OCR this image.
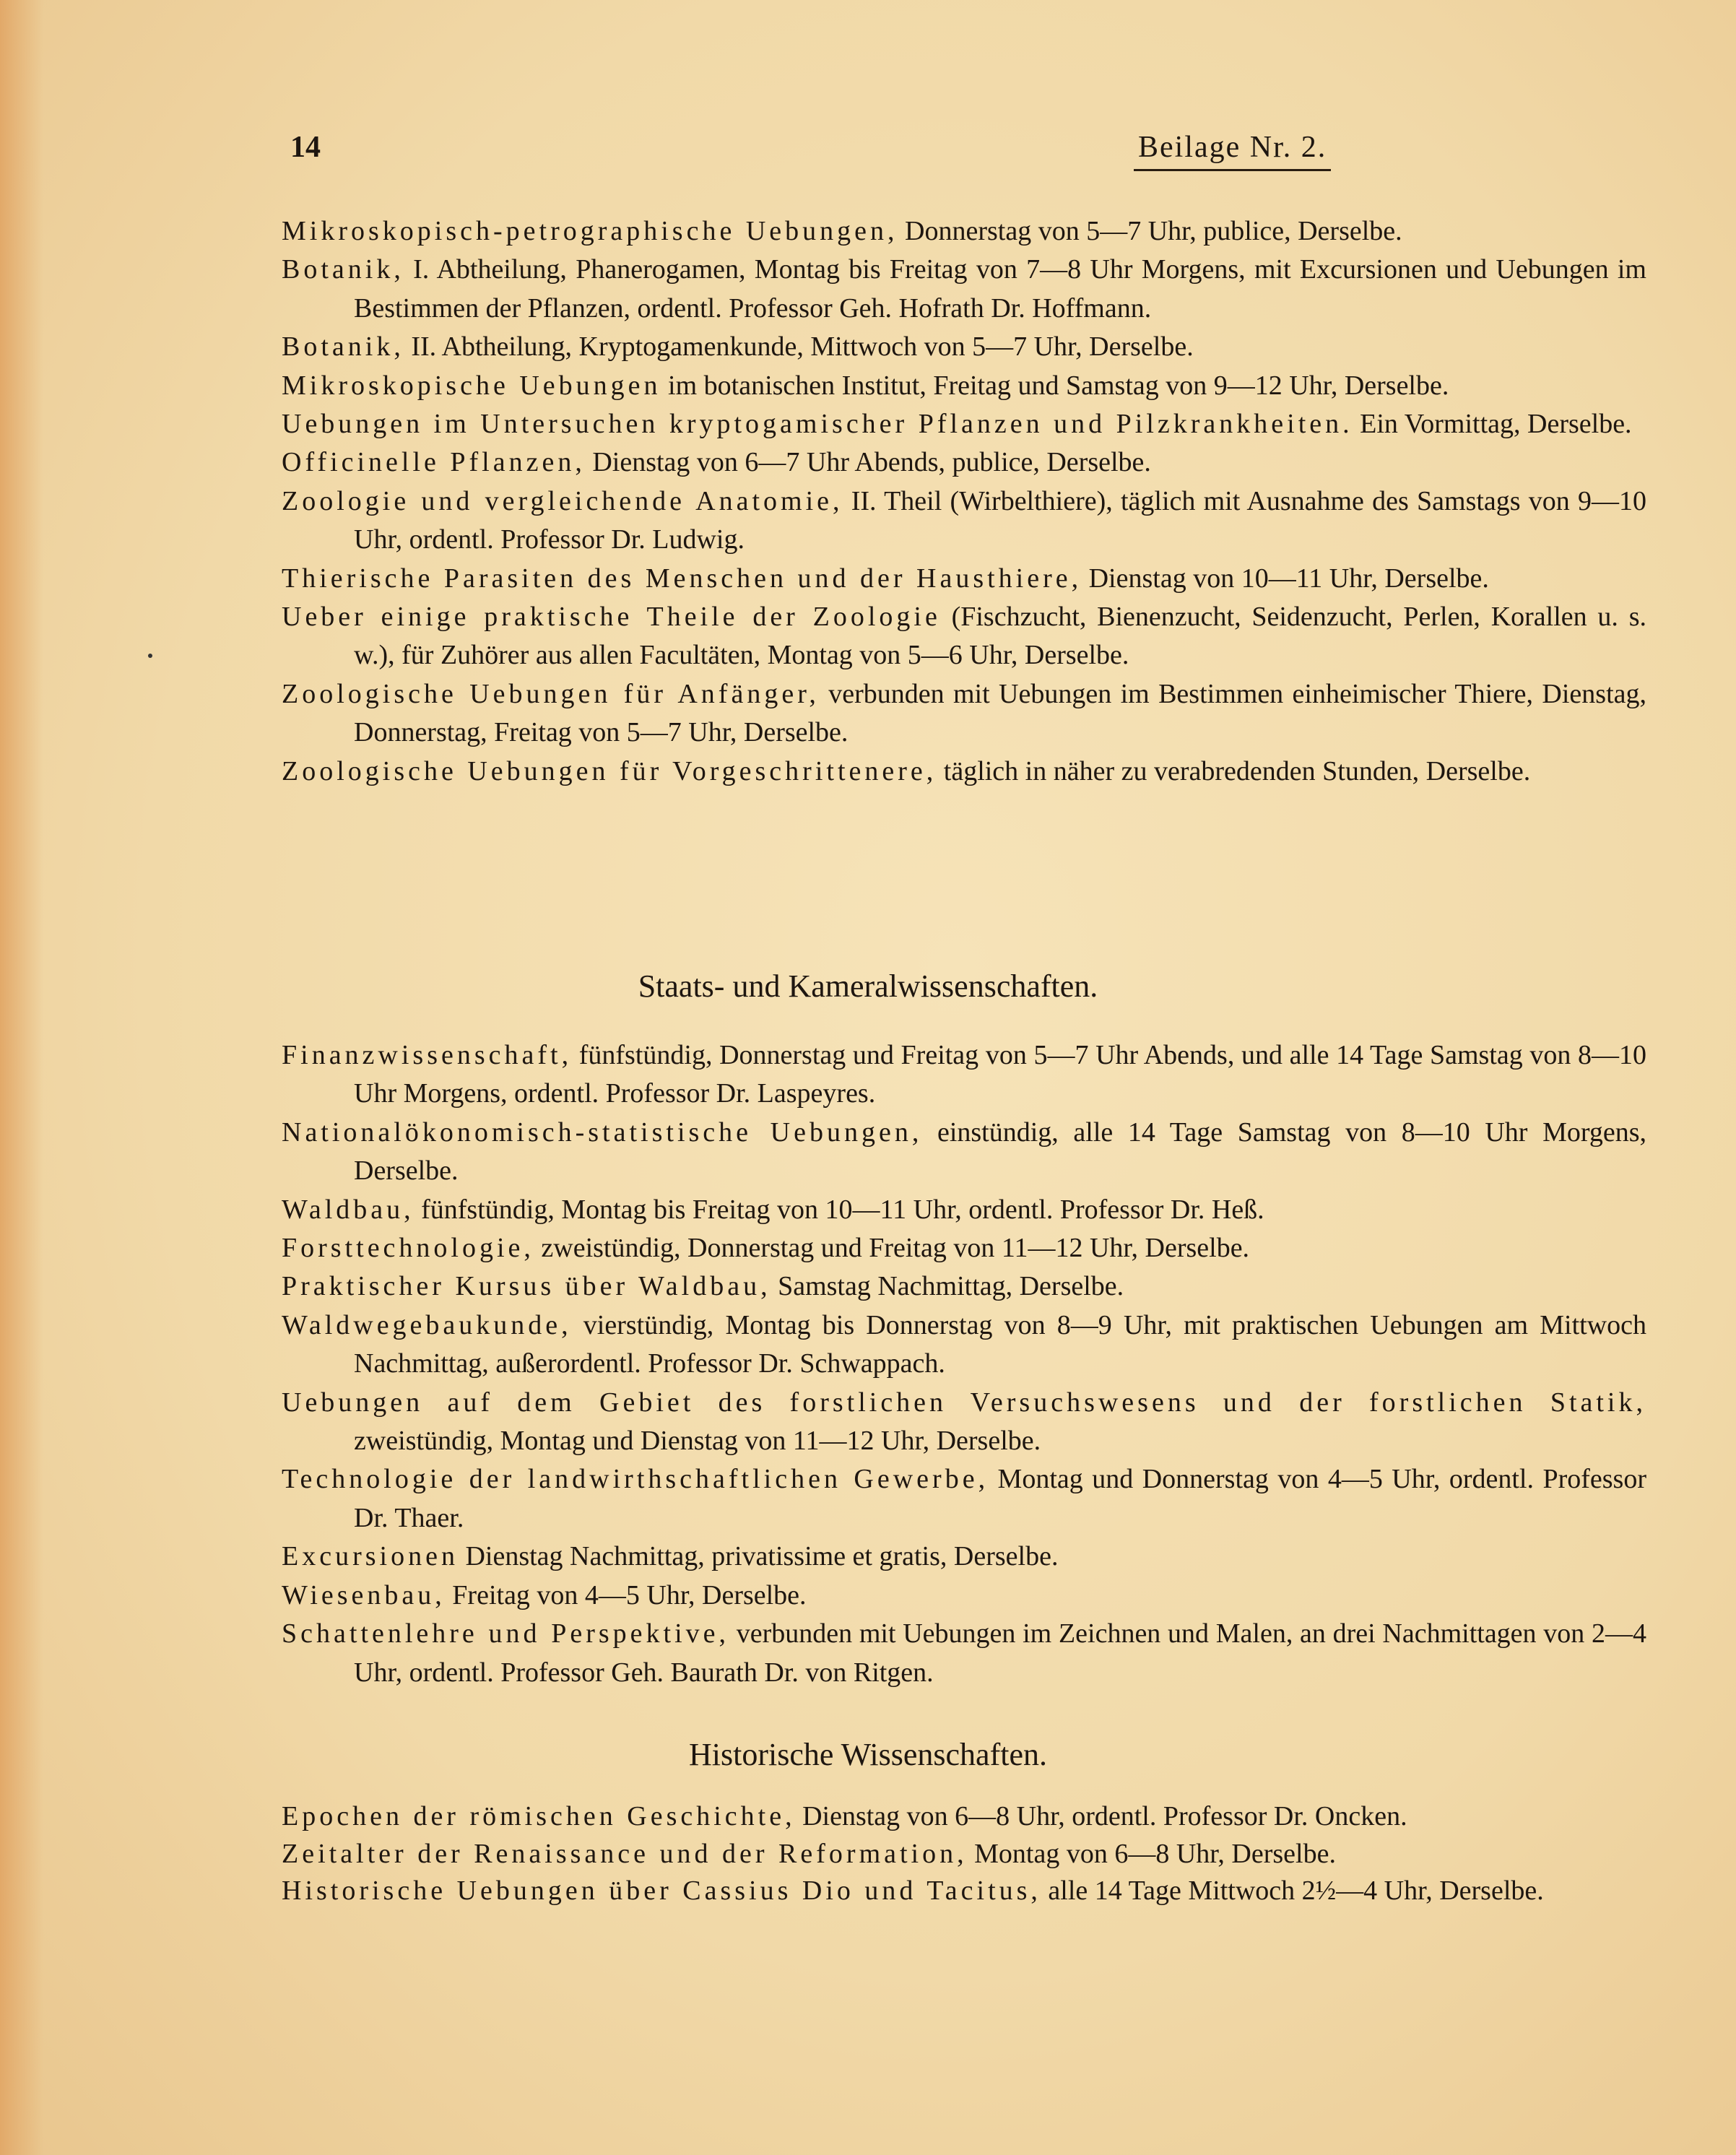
14	Beilage Nr. 2.
Mikroskopisch-petrographische Uebungen, Donnerstag von 5—7 Uhr, publice, Derselbe.
Botanik, I. Abtheilung, Phanerogamen, Montag bis Freitag von 7—8 Uhr Morgens, mit Excursionen und Uebungen im Bestimmen der Pflanzen, ordentl. Professor Geh. Hofrath Dr. Hoffmann.
Botanik, II. Abtheilung, Kryptogamenkunde, Mittwoch von 5—7 Uhr, Derselbe.
Mikroskopische Uebungen im botanischen Institut, Freitag und Samstag von 9—12 Uhr, Derselbe.
Uebungen im Untersuchen kryptogamischer Pflanzen und Pilzkrankheiten. Ein Vormittag, Derselbe.
Officinelle Pflanzen, Dienstag von 6—7 Uhr Abends, publice, Derselbe.
Zoologie und vergleichende Anatomie, II. Theil (Wirbelthiere), täglich mit Ausnahme des Samstags von 9—10 Uhr, ordentl. Professor Dr. Ludwig.
Thierische Parasiten des Menschen und der Hausthiere, Dienstag von 10—11 Uhr, Derselbe.
Ueber einige praktische Theile der Zoologie (Fischzucht, Bienenzucht, Seidenzucht, Perlen, Korallen u. s. w.), für Zuhörer aus allen Facultäten, Montag von 5—6 Uhr, Derselbe.
Zoologische Uebungen für Anfänger, verbunden mit Uebungen im Bestimmen einheimischer Thiere, Dienstag, Donnerstag, Freitag von 5—7 Uhr, Derselbe.
Zoologische Uebungen für Vorgeschrittenere, täglich in näher zu verabredenden Stunden, Derselbe.
Staats- und Kameralwissenschaften.
Finanzwissenschaft, fünfstündig, Donnerstag und Freitag von 5—7 Uhr Abends, und alle 14 Tage Samstag von 8—10 Uhr Morgens, ordentl. Professor Dr. Laspeyres.
Nationalökonomisch-statistische Uebungen, einstündig, alle 14 Tage Samstag von 8—10 Uhr Morgens, Derselbe.
Waldbau, fünfstündig, Montag bis Freitag von 10—11 Uhr, ordentl. Professor Dr. Heß.
Forsttechnologie, zweistündig, Donnerstag und Freitag von 11—12 Uhr, Derselbe.
Praktischer Kursus über Waldbau, Samstag Nachmittag, Derselbe.
Waldwegebaukunde, vierstündig, Montag bis Donnerstag von 8—9 Uhr, mit praktischen Uebungen am Mittwoch Nachmittag, außerordentl. Professor Dr. Schwappach.
Uebungen auf dem Gebiet des forstlichen Versuchswesens und der forstlichen Statik, zweistündig, Montag und Dienstag von 11—12 Uhr, Derselbe.
Technologie der landwirthschaftlichen Gewerbe, Montag und Donnerstag von 4—5 Uhr, ordentl. Professor Dr. Thaer.
Excursionen Dienstag Nachmittag, privatissime et gratis, Derselbe.
Wiesenbau, Freitag von 4—5 Uhr, Derselbe.
Schattenlehre und Perspektive, verbunden mit Uebungen im Zeichnen und Malen, an drei Nachmittagen von 2—4 Uhr, ordentl. Professor Geh. Baurath Dr. von Ritgen.
Historische Wissenschaften.
Epochen der römischen Geschichte, Dienstag von 6—8 Uhr, ordentl. Professor Dr. Oncken.
Zeitalter der Renaissance und der Reformation, Montag von 6—8 Uhr, Derselbe.
Historische Uebungen über Cassius Dio und Tacitus, alle 14 Tage Mittwoch 2½—4 Uhr, Derselbe.
